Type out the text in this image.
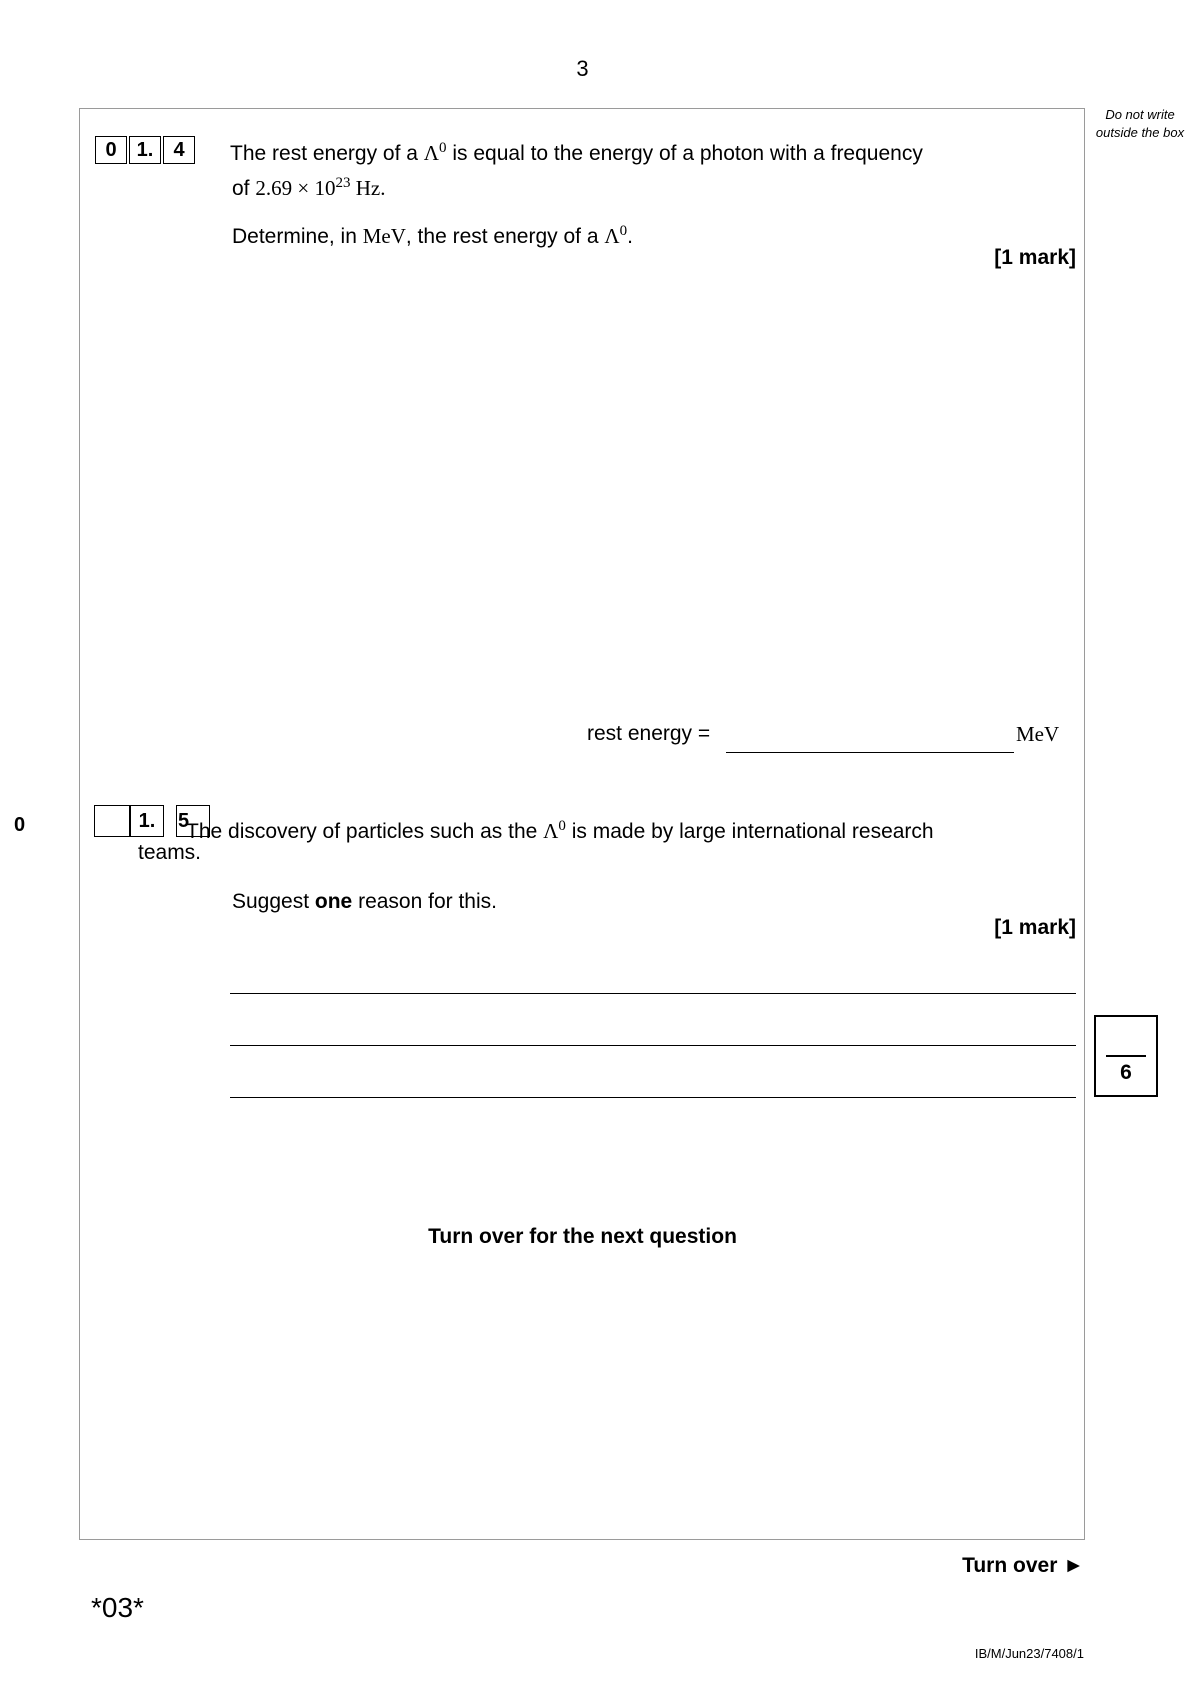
3
Do not write outside the box
0	1.	4	The rest energy of a $\Lambda^0$ is equal to the energy of a photon with a frequency
of $2.69 \times 10^{23}$ Hz.
Determine, in MeV, the rest energy of a $\Lambda^0$.
[1 mark]
rest energy =	MeV
0	1.	5
The discovery of particles such as the $\Lambda^0$ is made by large international research
teams.
Suggest one reason for this.
[1 mark]
6
Turn over for the next question
Turn over ►
*03*
IB/M/Jun23/7408/1
